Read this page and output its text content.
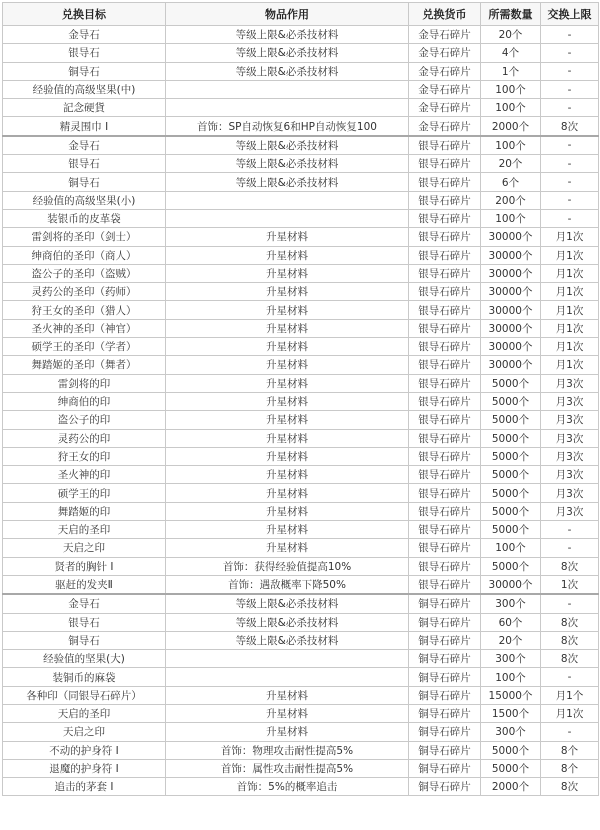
兑换目标	物品作用	兑换货币	所需数量	交换上限
金导石	等级上限&必杀技材料	金导石碎片	20个	-
银导石	等级上限&必杀技材料	金导石碎片	4个	-
铜导石	等级上限&必杀技材料	金导石碎片	1个	-
经验值的高级坚果(中)		金导石碎片	100个	-
記念硬貨		金导石碎片	100个	-
精灵围巾 I	首饰：SP自动恢复6和HP自动恢复100	金导石碎片	2000个	8次
金导石	等级上限&必杀技材料	银导石碎片	100个	-
银导石	等级上限&必杀技材料	银导石碎片	20个	-
铜导石	等级上限&必杀技材料	银导石碎片	6个	-
经验值的高级坚果(小)		银导石碎片	200个	-
装银币的皮革袋		银导石碎片	100个	-
雷剑将的圣印（剑士）	升星材料	银导石碎片	30000个	月1次
绅商伯的圣印（商人）	升星材料	银导石碎片	30000个	月1次
盗公子的圣印（盗贼）	升星材料	银导石碎片	30000个	月1次
灵药公的圣印（药师）	升星材料	银导石碎片	30000个	月1次
狩王女的圣印（猎人）	升星材料	银导石碎片	30000个	月1次
圣火神的圣印（神官）	升星材料	银导石碎片	30000个	月1次
硕学王的圣印（学者）	升星材料	银导石碎片	30000个	月1次
舞踏姬的圣印（舞者）	升星材料	银导石碎片	30000个	月1次
雷剑将的印	升星材料	银导石碎片	5000个	月3次
绅商伯的印	升星材料	银导石碎片	5000个	月3次
盗公子的印	升星材料	银导石碎片	5000个	月3次
灵药公的印	升星材料	银导石碎片	5000个	月3次
狩王女的印	升星材料	银导石碎片	5000个	月3次
圣火神的印	升星材料	银导石碎片	5000个	月3次
硕学王的印	升星材料	银导石碎片	5000个	月3次
舞踏姬的印	升星材料	银导石碎片	5000个	月3次
天启的圣印	升星材料	银导石碎片	5000个	-
天启之印	升星材料	银导石碎片	100个	-
贤者的胸针 I	首饰：获得经验值提高10%	银导石碎片	5000个	8次
驱赶的发夹Ⅱ	首饰：遇敌概率下降50%	银导石碎片	30000个	1次
金导石	等级上限&必杀技材料	铜导石碎片	300个	-
银导石	等级上限&必杀技材料	铜导石碎片	60个	8次
铜导石	等级上限&必杀技材料	铜导石碎片	20个	8次
经验值的坚果(大)		铜导石碎片	300个	8次
装铜币的麻袋		铜导石碎片	100个	-
各种印（同银导石碎片）	升星材料	铜导石碎片	15000个	月1个
天启的圣印	升星材料	铜导石碎片	1500个	月1次
天启之印	升星材料	铜导石碎片	300个	-
不动的护身符 I	首饰：物理攻击耐性提高5%	铜导石碎片	5000个	8个
退魔的护身符 I	首饰：属性攻击耐性提高5%	铜导石碎片	5000个	8个
追击的茅套 I	首饰：5%的概率追击	铜导石碎片	2000个	8次
